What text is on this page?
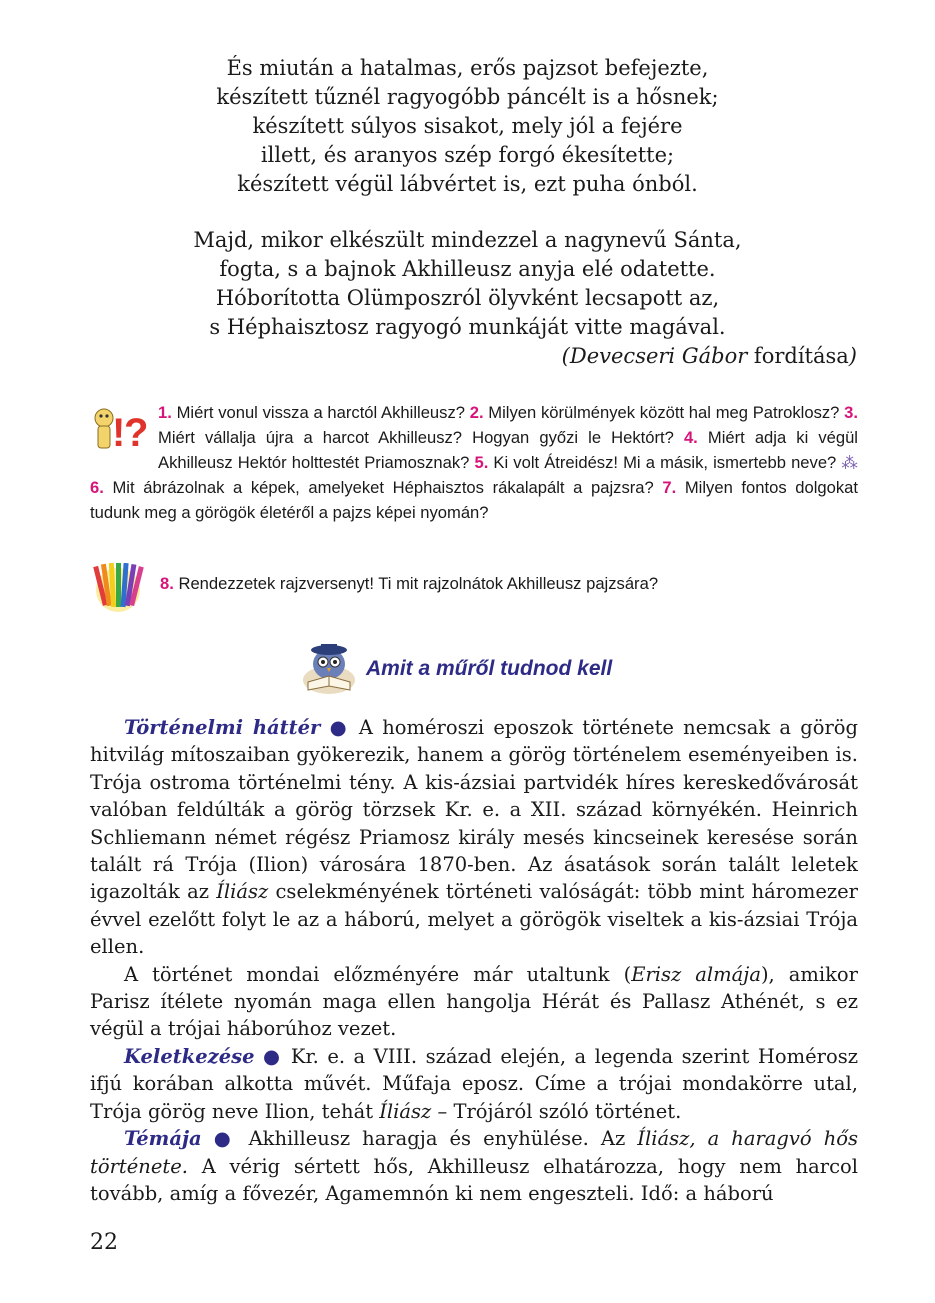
És miután a hatalmas, erős pajzsot befejezte,
készített tűznél ragyogóbb páncélt is a hősnek;
készített súlyos sisakot, mely jól a fejére
illett, és aranyos szép forgó ékesítette;
készített végül lábvértet is, ezt puha ónból.
Majd, mikor elkészült mindezzel a nagynevű Sánta,
fogta, s a bajnok Akhilleusz anyja elé odatette.
Hóborította Olümposzról ölyvként lecsapott az,
s Héphaisztosz ragyogó munkáját vitte magával.
(Devecseri Gábor fordítása)
!
? 1. Miért vonul vissza a harctól Akhilleusz? 2. Milyen körülmények között hal meg Patroklosz? 3. Miért vállalja újra a harcot Akhilleusz? Hogyan győzi le Hektórt? 4. Miért adja ki végül Akhilleusz Hektór holttestét Priamosznak? 5. Ki volt Átreidész! Mi a másik, ismertebb neve? ⁂ 6. Mit ábrázolnak a képek, amelyeket Héphaisztos rákalapált a pajzsra? 7. Milyen fontos dolgokat tudunk meg a görögök életéről a pajzs képei nyomán?
8. Rendezzetek rajzversenyt! Ti mit rajzolnátok Akhilleusz pajzsára?
Amit a műről tudnod kell

Történelmi háttér ● A homéroszi eposzok története nemcsak a görög hitvilág mítoszaiban gyökerezik, hanem a görög történelem eseményeiben is. Trója ostroma történelmi tény. A kis-ázsiai partvidék híres kereskedővárosát valóban feldúlták a görög törzsek Kr. e. a XII. század környékén. Heinrich Schliemann német régész Priamosz király mesés kincseinek keresése során talált rá Trója (Ilion) városára 1870-ben. Az ásatások során talált leletek igazolták az Íliász cselekményének történeti valóságát: több mint háromezer évvel ezelőtt folyt le az a háború, melyet a görögök viseltek a kis-ázsiai Trója ellen.

A történet mondai előzményére már utaltunk (Erisz almája), amikor Parisz ítélete nyomán maga ellen hangolja Hérát és Pallasz Athénét, s ez végül a trójai háborúhoz vezet.

Keletkezése ● Kr. e. a VIII. század elején, a legenda szerint Homérosz ifjú korában alkotta művét. Műfaja eposz. Címe a trójai mondakörre utal, Trója görög neve Ilion, tehát Íliász – Trójáról szóló történet.

Témája ● Akhilleusz haragja és enyhülése. Az Íliász, a haragvó hős története. A vérig sértett hős, Akhilleusz elhatározza, hogy nem harcol tovább, amíg a fővezér, Agamemnón ki nem engeszteli. Idő: a háború

22
